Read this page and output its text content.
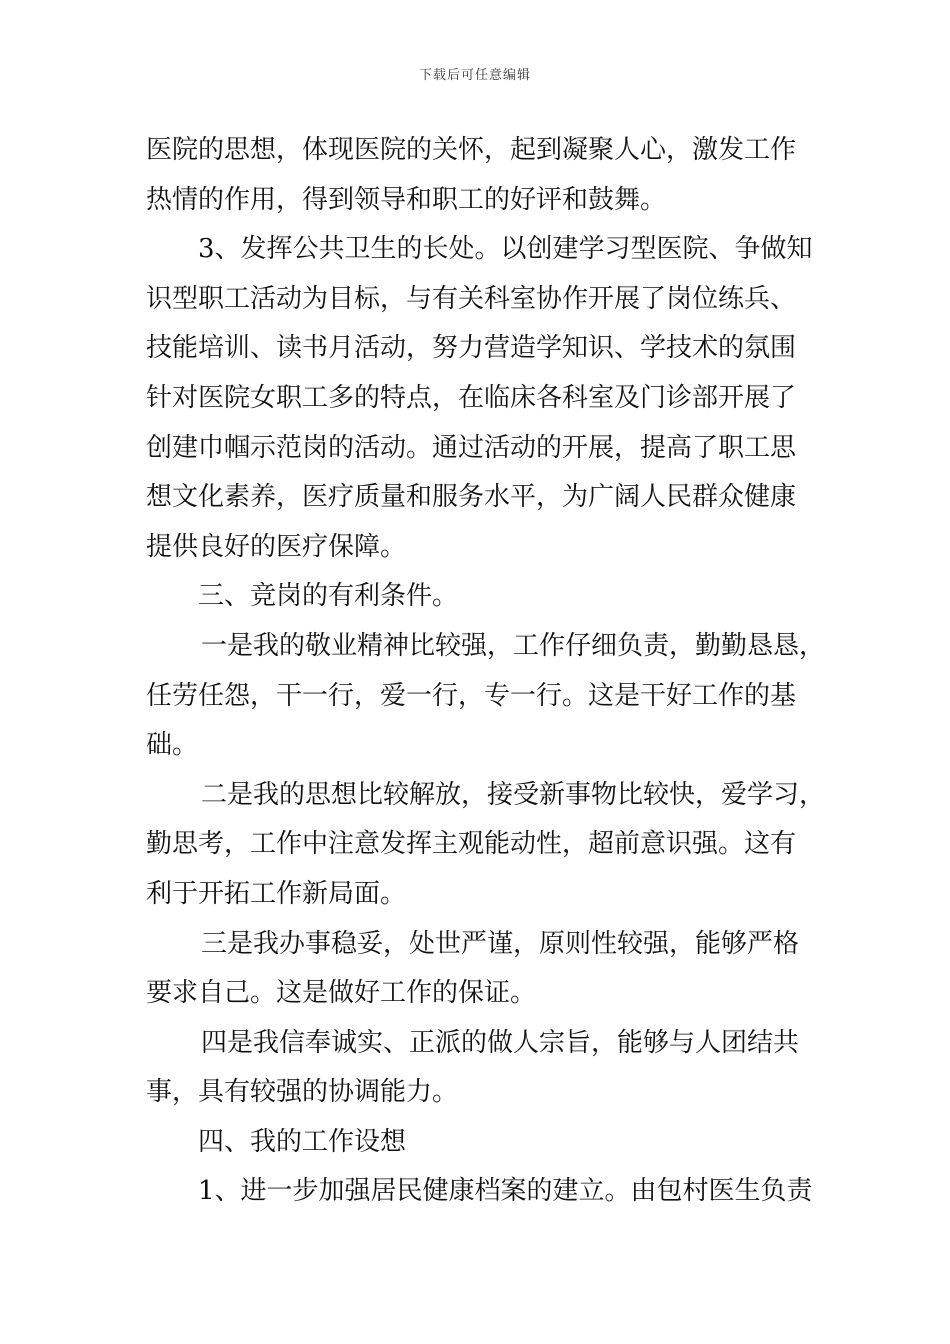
下载后可任意编辑
医院的思想，体现医院的关怀，起到凝聚人心，激发工作
热情的作用，得到领导和职工的好评和鼓舞。
3、发挥公共卫生的长处。以创建学习型医院、争做知
识型职工活动为目标，与有关科室协作开展了岗位练兵、
技能培训、读书月活动，努力营造学知识、学技术的氛围
针对医院女职工多的特点，在临床各科室及门诊部开展了
创建巾帼示范岗的活动。通过活动的开展，提高了职工思
想文化素养，医疗质量和服务水平，为广阔人民群众健康
提供良好的医疗保障。
三、竞岗的有利条件。
一是我的敬业精神比较强，工作仔细负责，勤勤恳恳，
任劳任怨，干一行，爱一行，专一行。这是干好工作的基
础。
二是我的思想比较解放，接受新事物比较快，爱学习，
勤思考，工作中注意发挥主观能动性，超前意识强。这有
利于开拓工作新局面。
三是我办事稳妥，处世严谨，原则性较强，能够严格
要求自己。这是做好工作的保证。
四是我信奉诚实、正派的做人宗旨，能够与人团结共
事，具有较强的协调能力。
四、我的工作设想
1、进一步加强居民健康档案的建立。由包村医生负责
